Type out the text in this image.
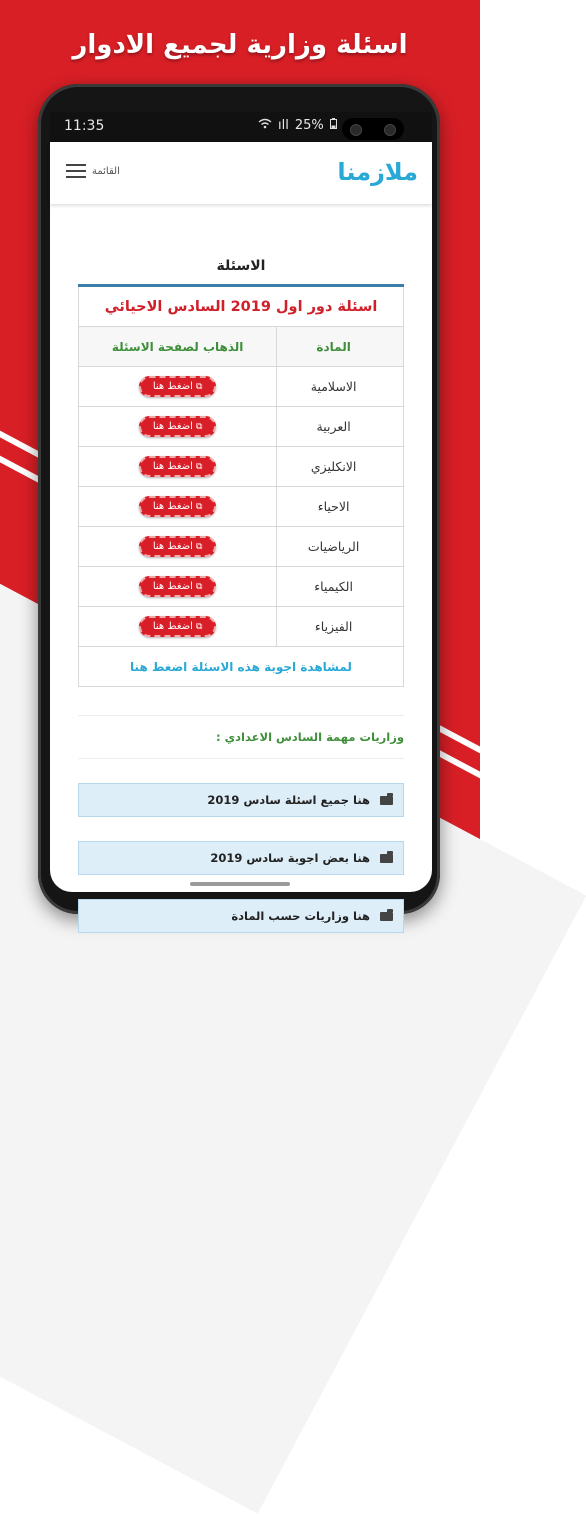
اسئلة وزارية لجميع الادوار
11:35	ıll 25%
القائمة	ملازمنا
الاسئلة
اسئلة دور اول 2019 السادس الاحيائي	
المادة	الذهاب لصفحة الاسئلة
الاسلامية	⧉اضغط هنا
العربية	⧉اضغط هنا
الانكليزي	⧉اضغط هنا
الاحياء	⧉اضغط هنا
الرياضيات	⧉اضغط هنا
الكيمياء	⧉اضغط هنا
الفيزياء	⧉اضغط هنا
لمشاهدة اجوبة هذه الاسئلة اضغط هنا	
وزاريات مهمة السادس الاعدادي :
هنا جميع اسئلة سادس 2019
هنا بعض اجوبة سادس 2019
هنا وزاريات حسب المادة
